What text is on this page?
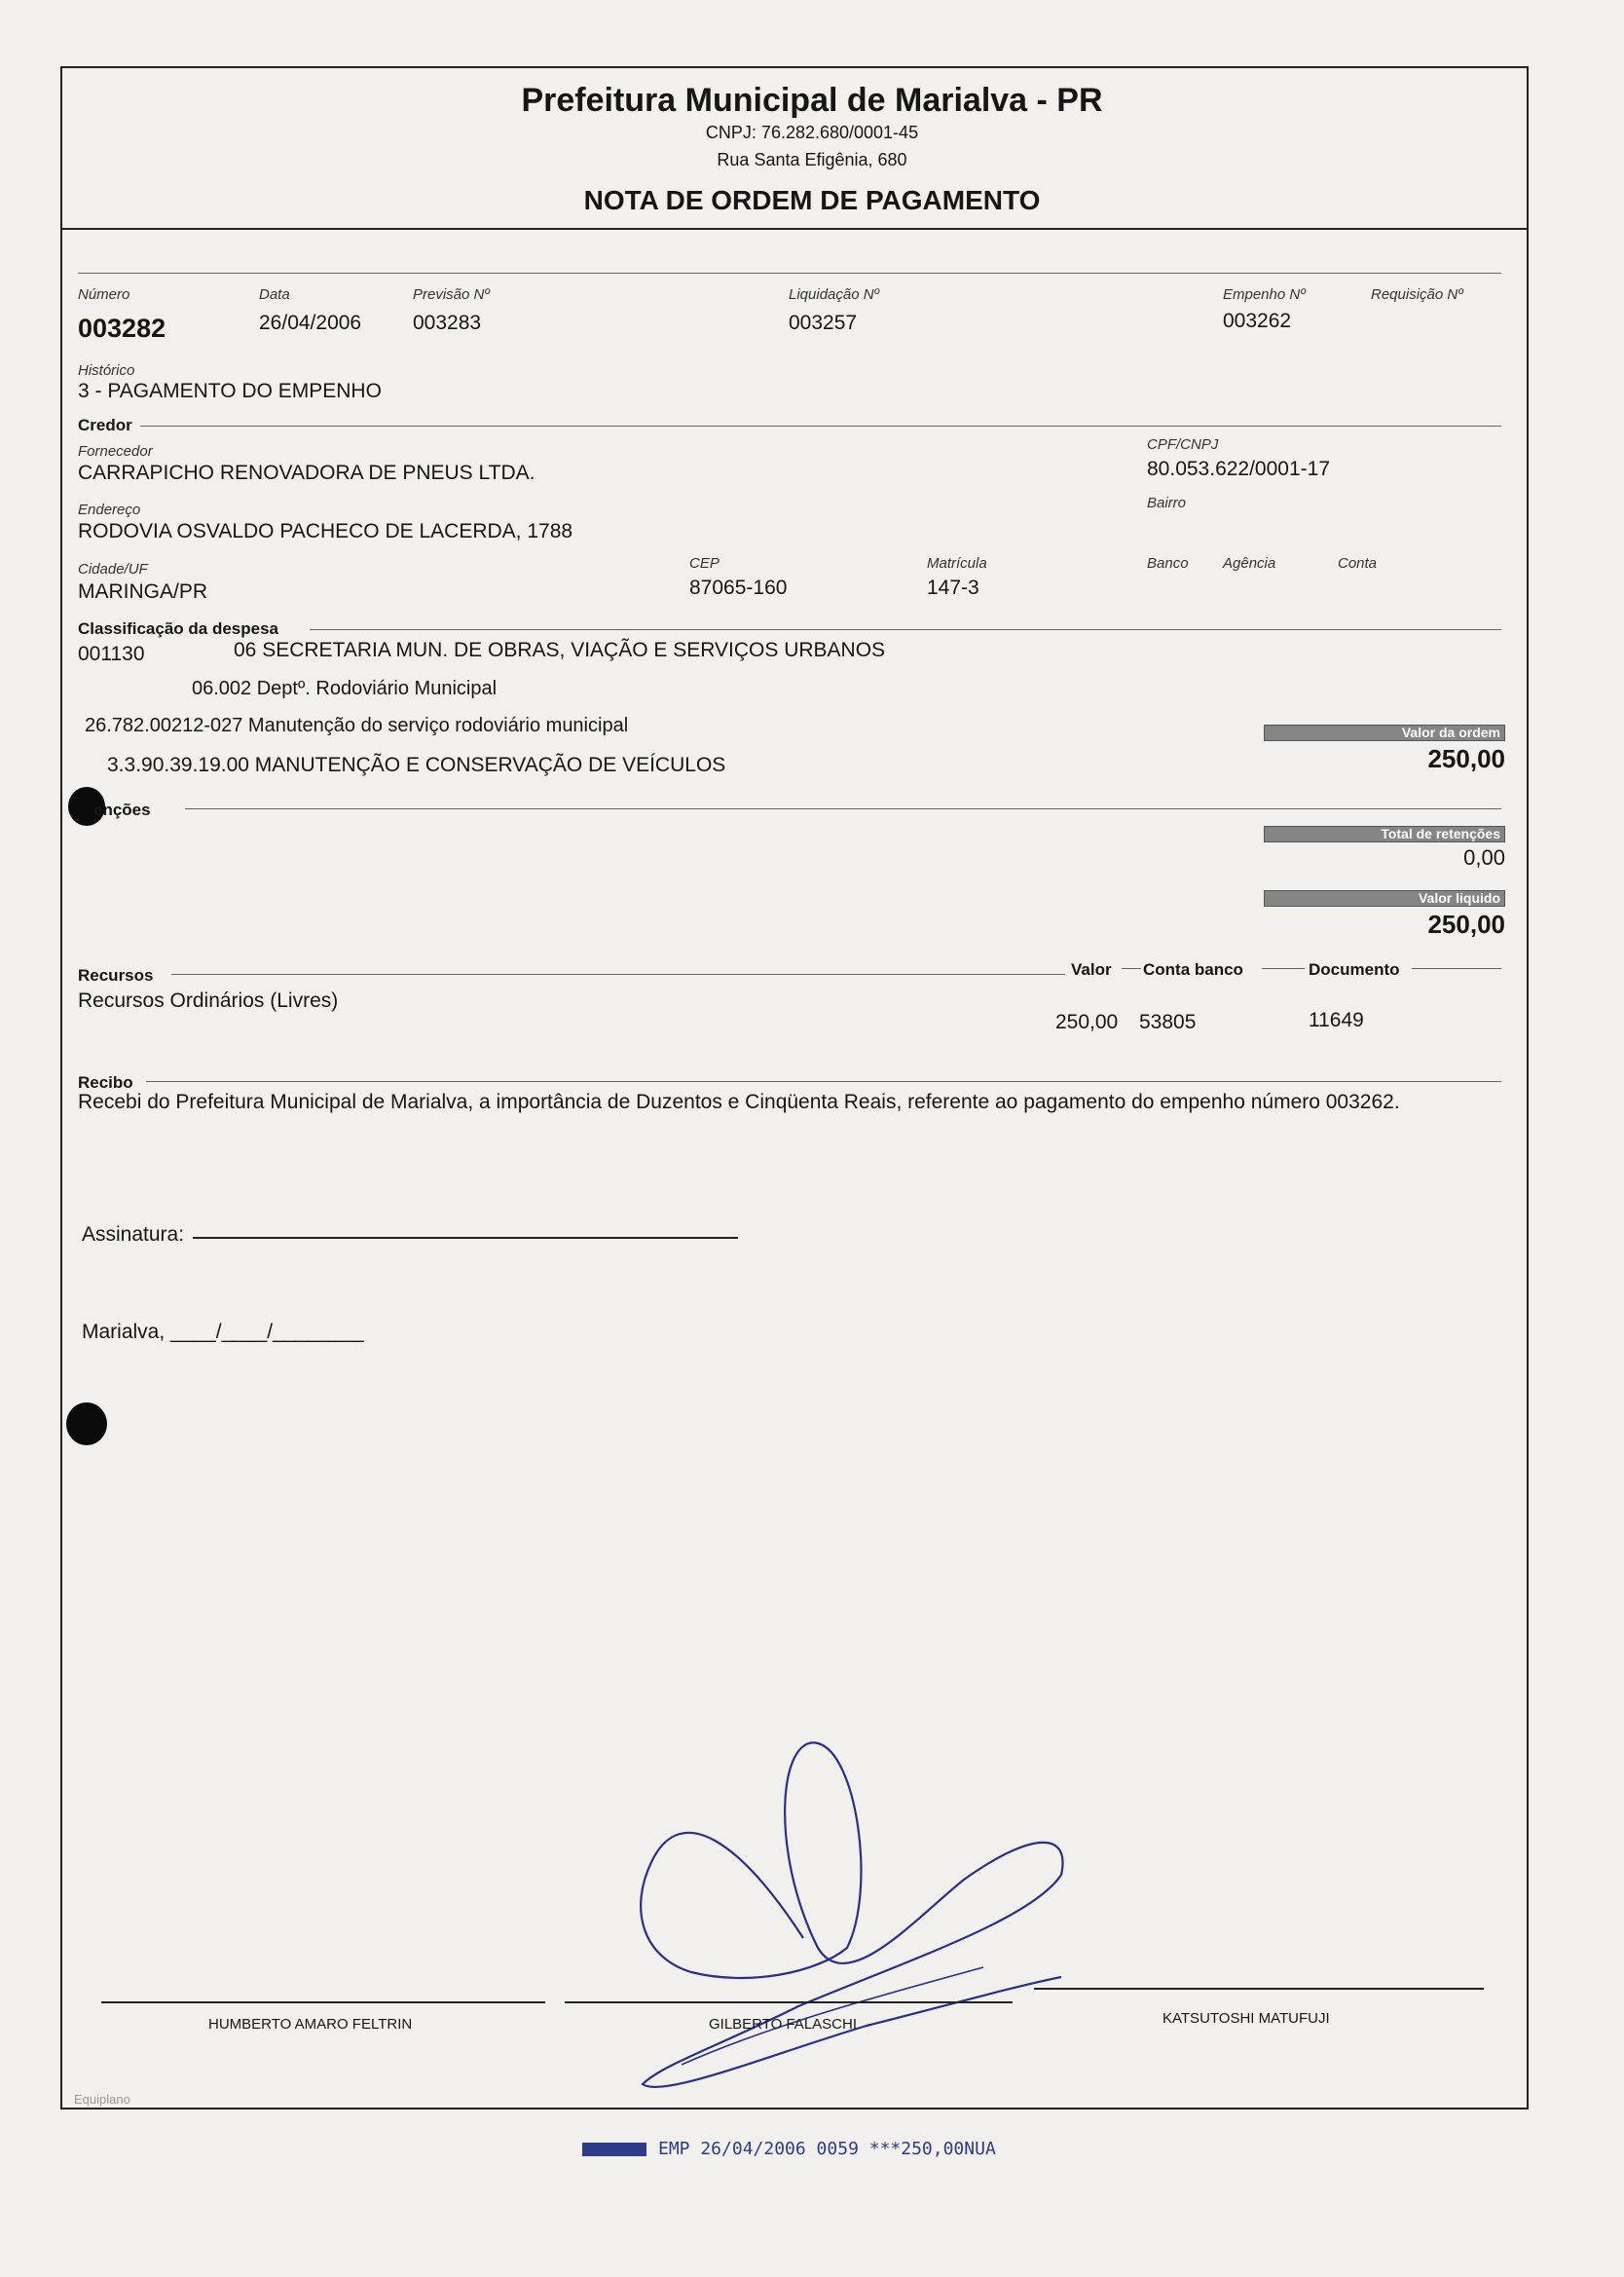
Prefeitura Municipal de Marialva - PR
CNPJ: 76.282.680/0001-45
Rua Santa Efigênia, 680
NOTA DE ORDEM DE PAGAMENTO
Número
003282
Data
26/04/2006
Previsão Nº
003283
Liquidação Nº
003257
Empenho Nº
003262
Requisição Nº
Histórico
3 - PAGAMENTO DO EMPENHO
Credor
Fornecedor
CARRAPICHO RENOVADORA DE PNEUS LTDA.
CPF/CNPJ
80.053.622/0001-17
Endereço
RODOVIA OSVALDO PACHECO DE LACERDA, 1788
Bairro
Cidade/UF
MARINGA/PR
CEP
87065-160
Matrícula
147-3
Banco Agência	Conta
Classificação da despesa
001130	06 SECRETARIA MUN. DE OBRAS, VIAÇÃO E SERVIÇOS URBANOS
06.002 Deptº. Rodoviário Municipal
26.782.00212-027 Manutenção do serviço rodoviário municipal
3.3.90.39.19.00 MANUTENÇÃO E CONSERVAÇÃO DE VEÍCULOS
Valor da ordem
250,00
enções
Total de retenções
0,00
Valor liquido
250,00
Recursos	Valor Conta banco	Documento
Recursos Ordinários (Livres)
250,00 53805	11649
Recibo
Recebi do Prefeitura Municipal de Marialva, a importância de Duzentos e Cinqüenta Reais, referente ao pagamento do empenho número 003262.
Assinatura:
Marialva, ____/____/________
HUMBERTO AMARO FELTRIN	GILBERTO FALASCHI	KATSUTOSHI MATUFUJI
Equiplano
EMP 26/04/2006 0059 ***250,00NUA
